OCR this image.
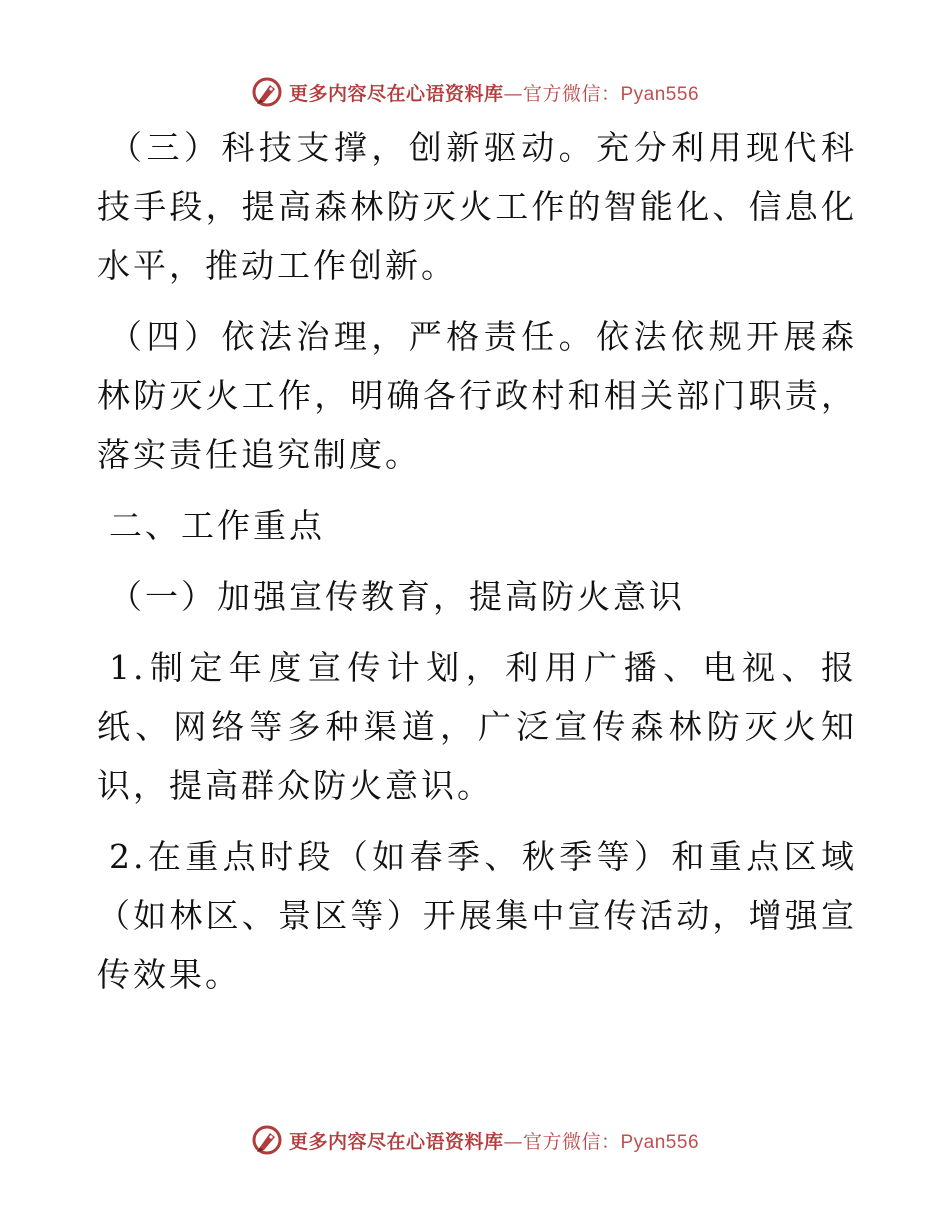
更多内容尽在心语资料库—官方微信：Pyan556

（三）科技支撑，创新驱动。充分利用现代科技手段，提高森林防灭火工作的智能化、信息化水平，推动工作创新。

（四）依法治理，严格责任。依法依规开展森林防灭火工作，明确各行政村和相关部门职责，落实责任追究制度。

二、工作重点

（一）加强宣传教育，提高防火意识

1.制定年度宣传计划，利用广播、电视、报纸、网络等多种渠道，广泛宣传森林防灭火知识，提高群众防火意识。

2.在重点时段（如春季、秋季等）和重点区域（如林区、景区等）开展集中宣传活动，增强宣传效果。

更多内容尽在心语资料库—官方微信：Pyan556
